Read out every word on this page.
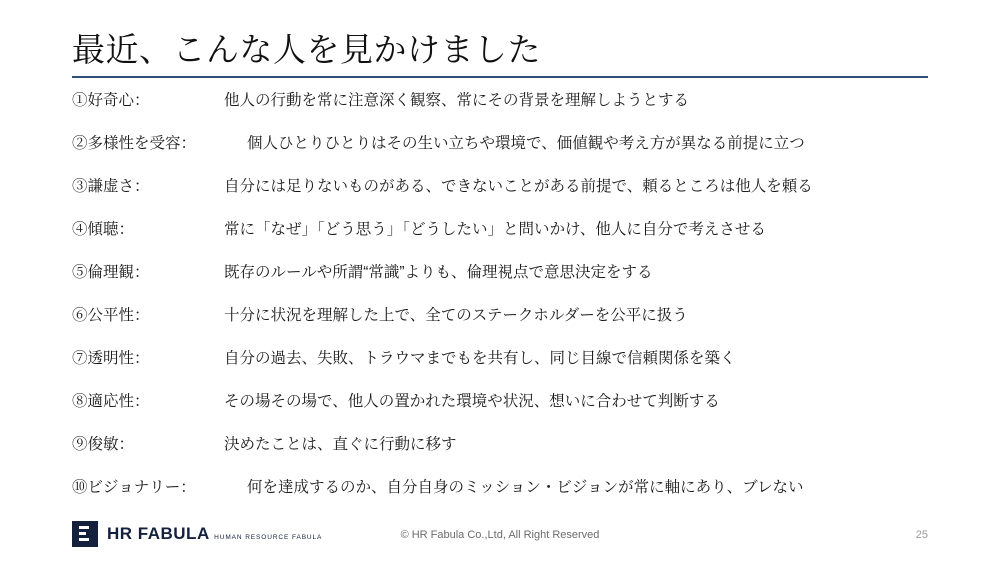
最近、こんな人を見かけました
①好奇心：	他人の行動を常に注意深く観察、常にその背景を理解しようとする
②多様性を受容：	個人ひとりひとりはその生い立ちや環境で、価値観や考え方が異なる前提に立つ
③謙虚さ：	自分には足りないものがある、できないことがある前提で、頼るところは他人を頼る
④傾聴：	常に「なぜ」「どう思う」「どうしたい」と問いかけ、他人に自分で考えさせる
⑤倫理観：	既存のルールや所謂“常識”よりも、倫理視点で意思決定をする
⑥公平性：	十分に状況を理解した上で、全てのステークホルダーを公平に扱う
⑦透明性：	自分の過去、失敗、トラウマまでもを共有し、同じ目線で信頼関係を築く
⑧適応性：	その場その場で、他人の置かれた環境や状況、想いに合わせて判断する
⑨俊敏：	決めたことは、直ぐに行動に移す
⑩ビジョナリー：	何を達成するのか、自分自身のミッション・ビジョンが常に軸にあり、ブレない
HR FABULA HUMAN RESOURCE FABULA	© HR Fabula Co.,Ltd, All Right Reserved	25
